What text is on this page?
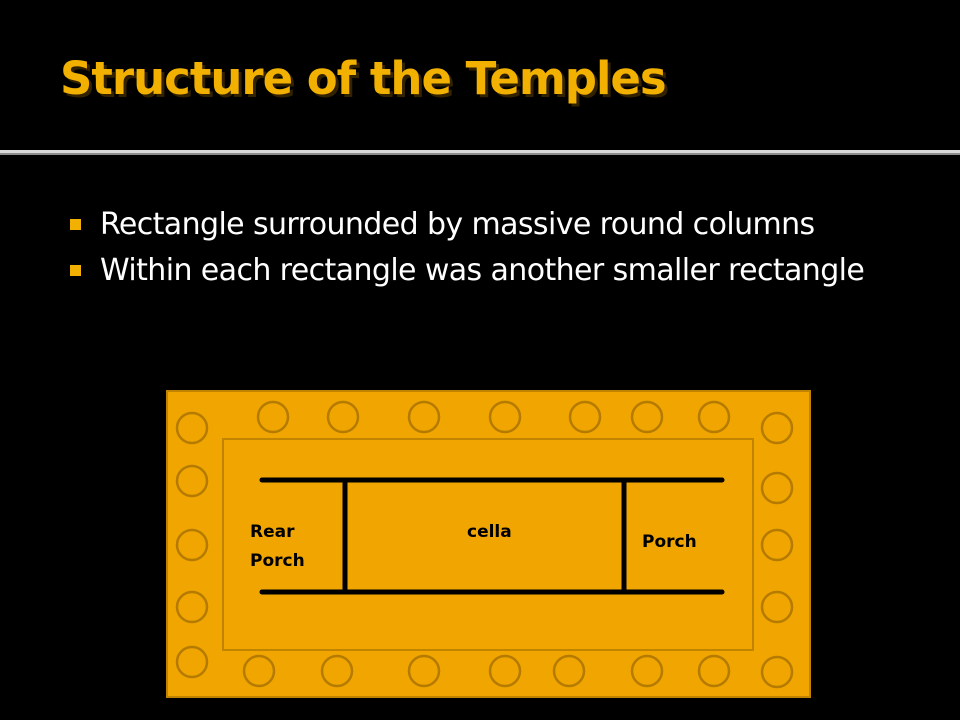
Structure of the Temples
Rectangle surrounded by massive round columns
Within each rectangle was another smaller rectangle
Rear
Porch
cella	Porch
